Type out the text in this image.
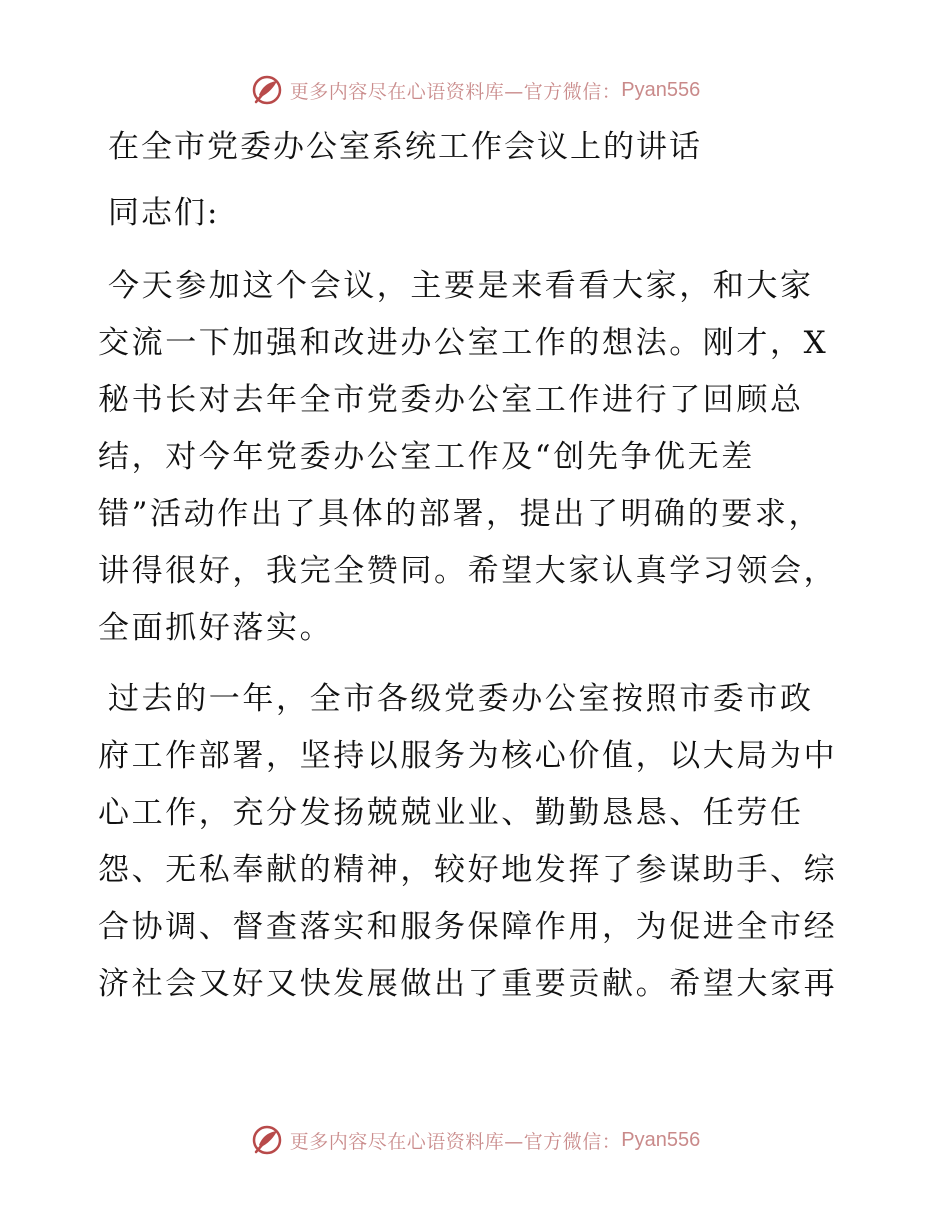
更多内容尽在心语资料库—官方微信： Pyan556
在全市党委办公室系统工作会议上的讲话
同志们:
今天参加这个会议，主要是来看看大家，和大家
交流一下加强和改进办公室工作的想法。刚才，X
秘书长对去年全市党委办公室工作进行了回顾总
结，对今年党委办公室工作及“创先争优无差
错”活动作出了具体的部署，提出了明确的要求，
讲得很好，我完全赞同。希望大家认真学习领会，
全面抓好落实。
过去的一年，全市各级党委办公室按照市委市政
府工作部署，坚持以服务为核心价值，以大局为中
心工作，充分发扬兢兢业业、勤勤恳恳、任劳任
怨、无私奉献的精神，较好地发挥了参谋助手、综
合协调、督查落实和服务保障作用，为促进全市经
济社会又好又快发展做出了重要贡献。希望大家再
更多内容尽在心语资料库—官方微信： Pyan556
